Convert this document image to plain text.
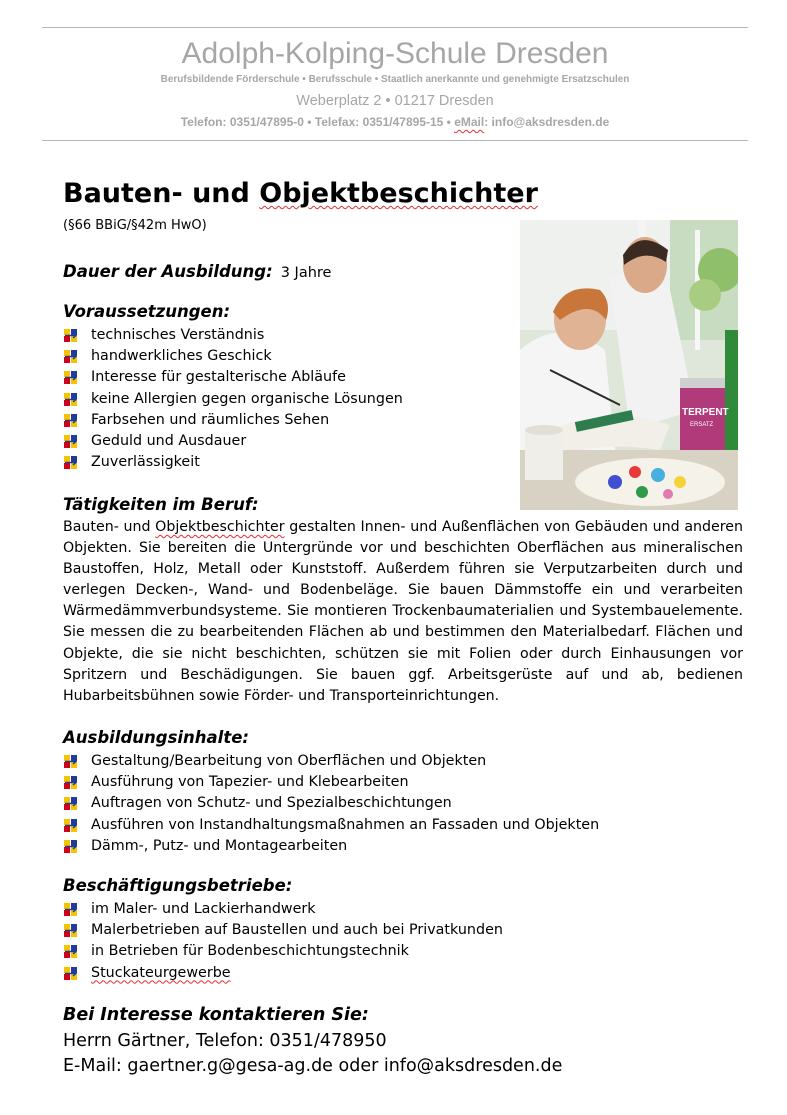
Adolph-Kolping-Schule Dresden
Berufsbildende Förderschule • Berufsschule • Staatlich anerkannte und genehmigte Ersatzschulen
Weberplatz 2 • 01217 Dresden
Telefon: 0351/47895-0 • Telefax: 0351/47895-15 • eMail: info@aksdresden.de
Bauten- und Objektbeschichter
(§66 BBiG/§42m HwO)
Dauer der Ausbildung: 3 Jahre
Voraussetzungen:
technisches Verständnis
handwerkliches Geschick
Interesse für gestalterische Abläufe
keine Allergien gegen organische Lösungen
Farbsehen und räumliches Sehen
Geduld und Ausdauer
Zuverlässigkeit
TERPENT
ERSATZ
Tätigkeiten im Beruf:
Bauten- und Objektbeschichter gestalten Innen- und Außenflächen von Gebäuden und anderen Objekten. Sie bereiten die Untergründe vor und beschichten Oberflächen aus mineralischen Baustoffen, Holz, Metall oder Kunststoff. Außerdem führen sie Verputzarbeiten durch und verlegen Decken-, Wand- und Bodenbeläge. Sie bauen Dämmstoffe ein und verarbeiten Wärmedämmverbundsysteme. Sie montieren Trockenbaumaterialien und Systembauelemente. Sie messen die zu bearbeitenden Flächen ab und bestimmen den Materialbedarf. Flächen und Objekte, die sie nicht beschichten, schützen sie mit Folien oder durch Einhausungen vor Spritzern und Beschädigungen. Sie bauen ggf. Arbeitsgerüste auf und ab, bedienen Hubarbeitsbühnen sowie Förder- und Transporteinrichtungen.
Ausbildungsinhalte:
Gestaltung/Bearbeitung von Oberflächen und Objekten
Ausführung von Tapezier- und Klebearbeiten
Auftragen von Schutz- und Spezialbeschichtungen
Ausführen von Instandhaltungsmaßnahmen an Fassaden und Objekten
Dämm-, Putz- und Montagearbeiten
Beschäftigungsbetriebe:
im Maler- und Lackierhandwerk
Malerbetrieben auf Baustellen und auch bei Privatkunden
in Betrieben für Bodenbeschichtungstechnik
Stuckateurgewerbe
Bei Interesse kontaktieren Sie:
Herrn Gärtner, Telefon: 0351/478950
E-Mail: gaertner.g@gesa-ag.de oder info@aksdresden.de
